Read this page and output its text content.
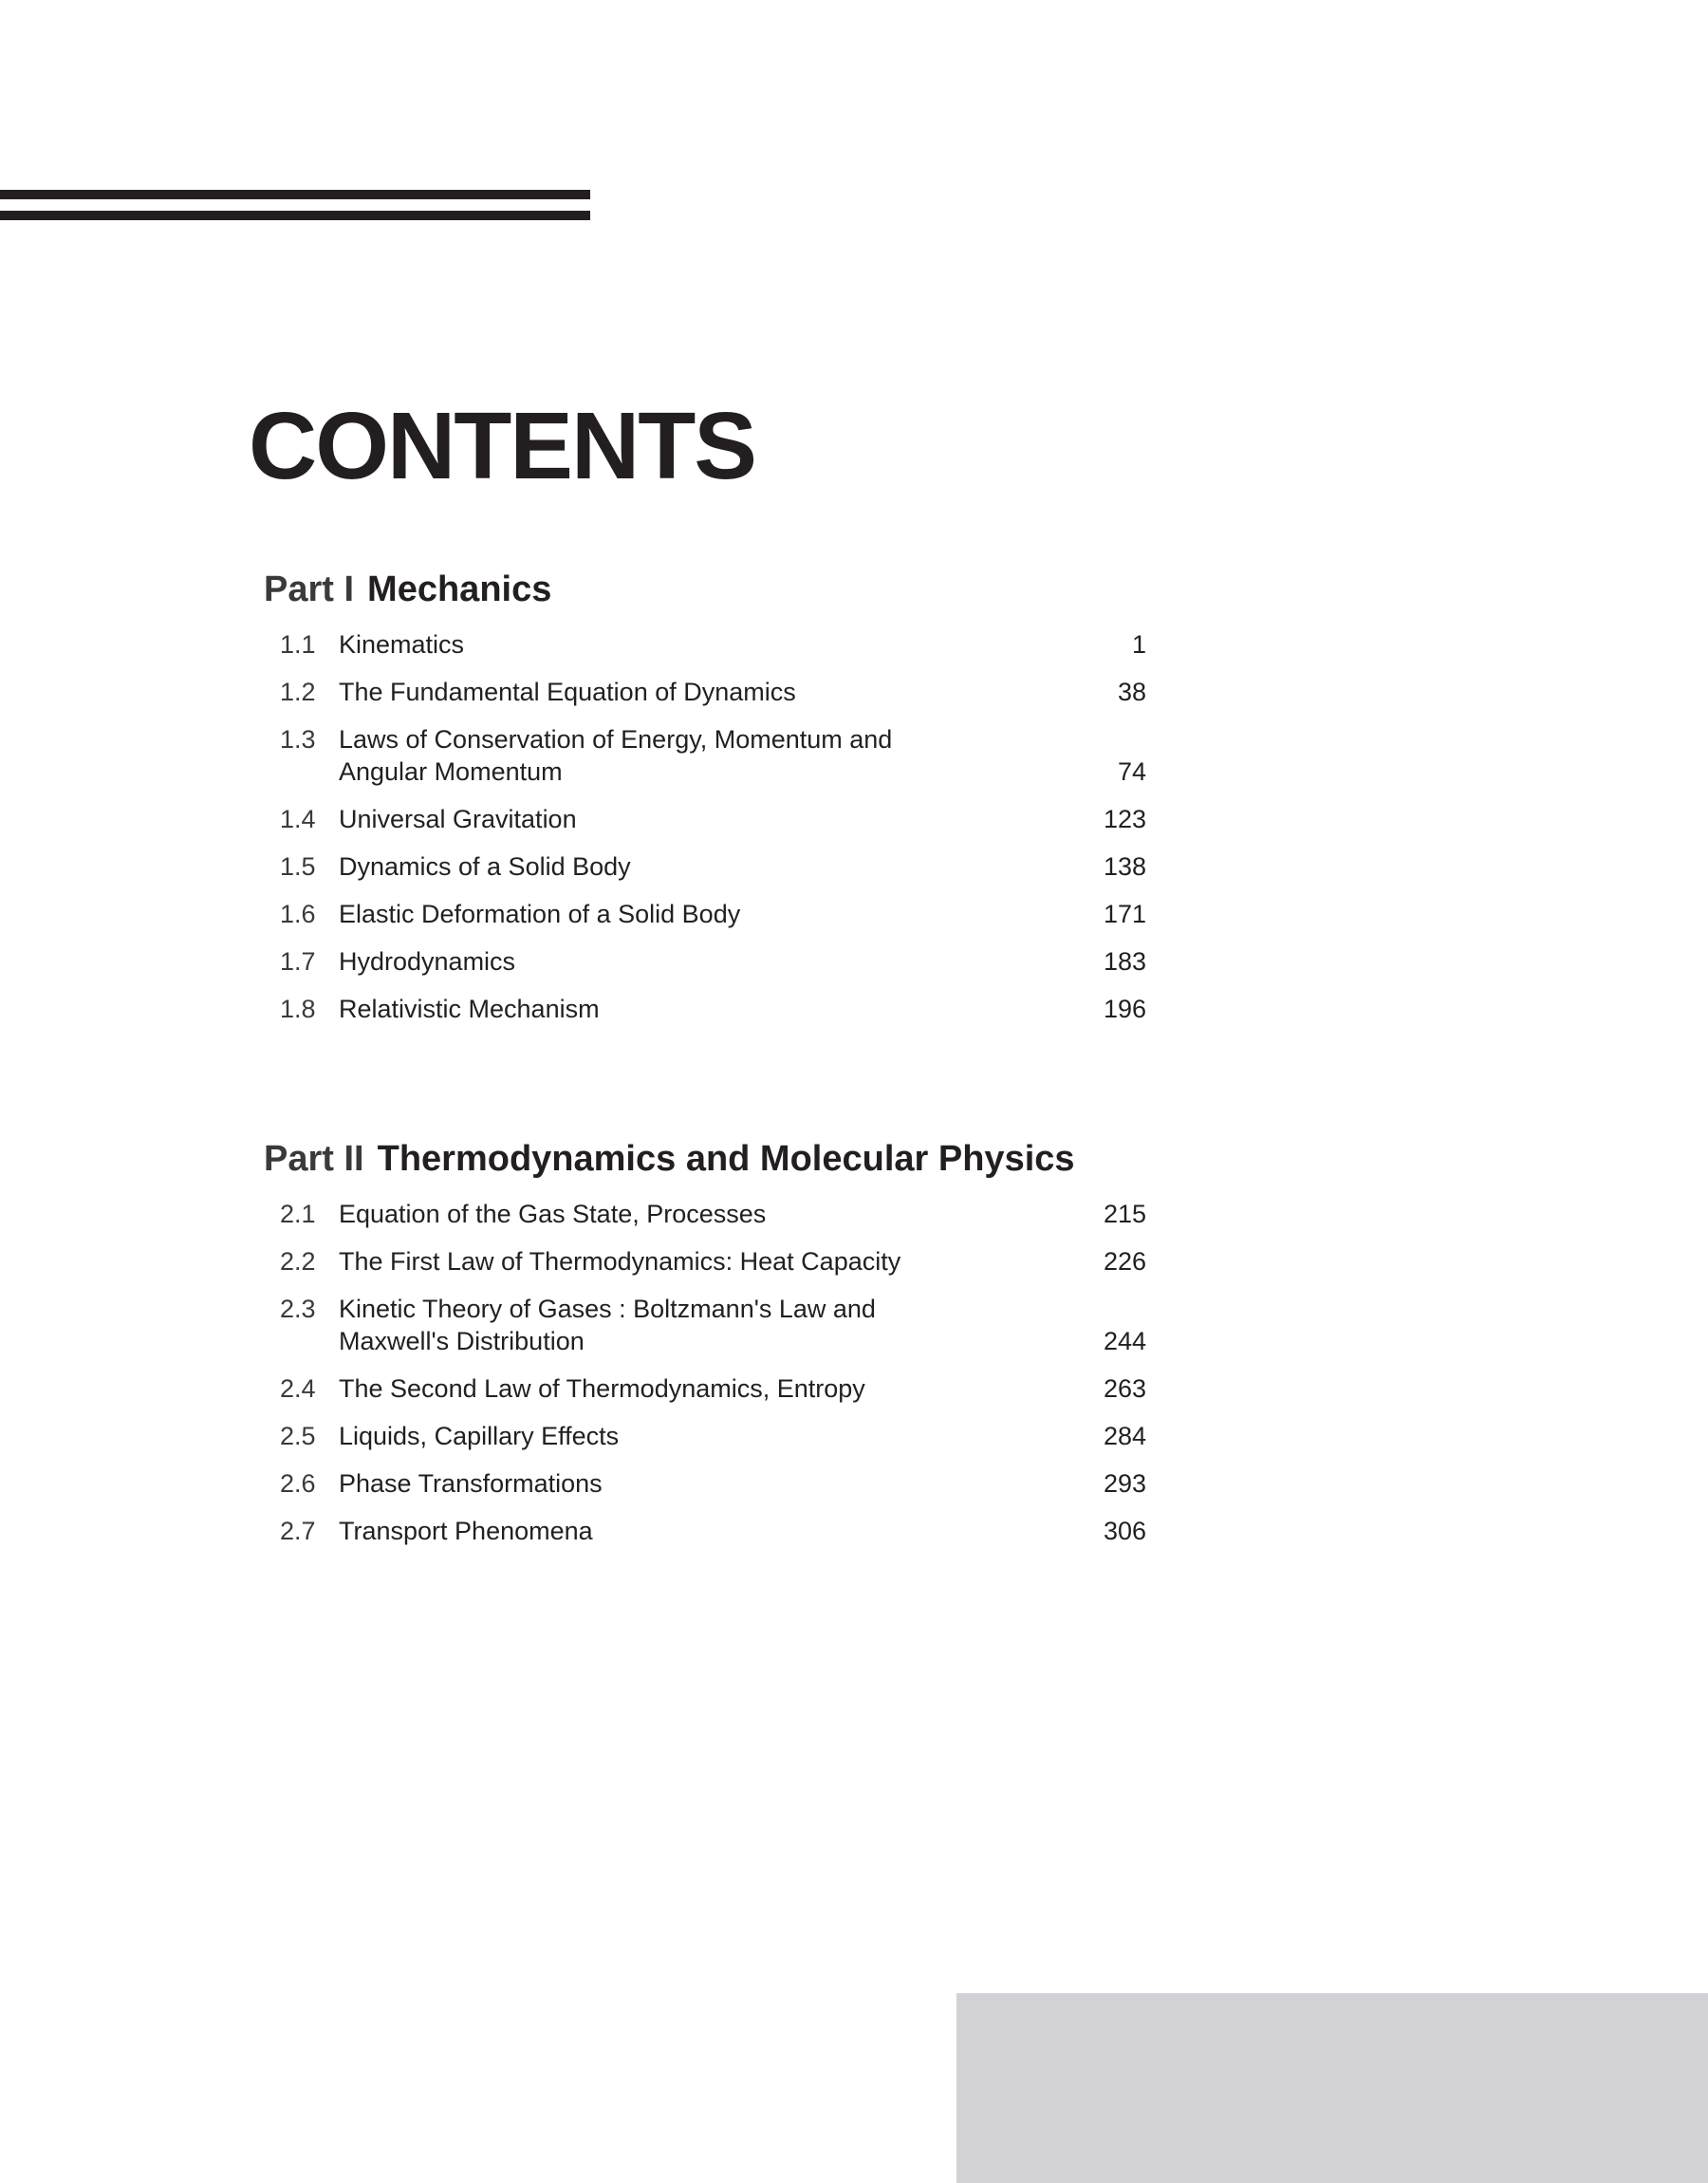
CONTENTS
Part I Mechanics
1.1 Kinematics	1
1.2 The Fundamental Equation of Dynamics	38
1.3 Laws of Conservation of Energy, Momentum and
Angular Momentum	74
1.4 Universal Gravitation	123
1.5 Dynamics of a Solid Body	138
1.6 Elastic Deformation of a Solid Body	171
1.7 Hydrodynamics	183
1.8 Relativistic Mechanism	196
Part II Thermodynamics and Molecular Physics
2.1 Equation of the Gas State, Processes	215
2.2 The First Law of Thermodynamics: Heat Capacity	226
2.3 Kinetic Theory of Gases : Boltzmann's Law and
Maxwell's Distribution	244
2.4 The Second Law of Thermodynamics, Entropy	263
2.5 Liquids, Capillary Effects	284
2.6 Phase Transformations	293
2.7 Transport Phenomena	306
